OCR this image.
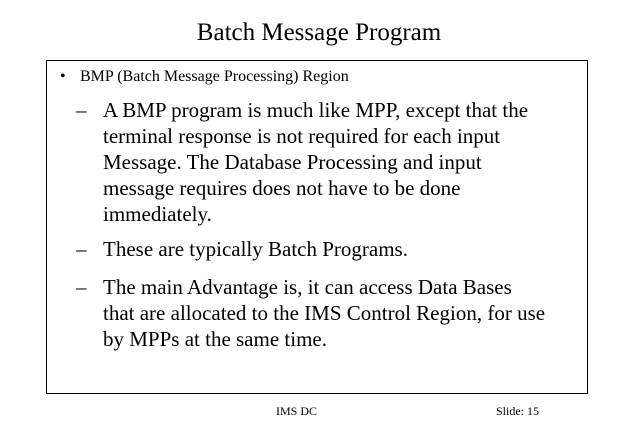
Batch Message Program
• BMP (Batch Message Processing) Region
– A BMP program is much like MPP, except that the
terminal response is not required for each input
Message. The Database Processing and input
message requires does not have to be done
immediately.
– These are typically Batch Programs.
– The main Advantage is, it can access Data Bases
that are allocated to the IMS Control Region, for use
by MPPs at the same time.
IMS DC	Slide: 15
